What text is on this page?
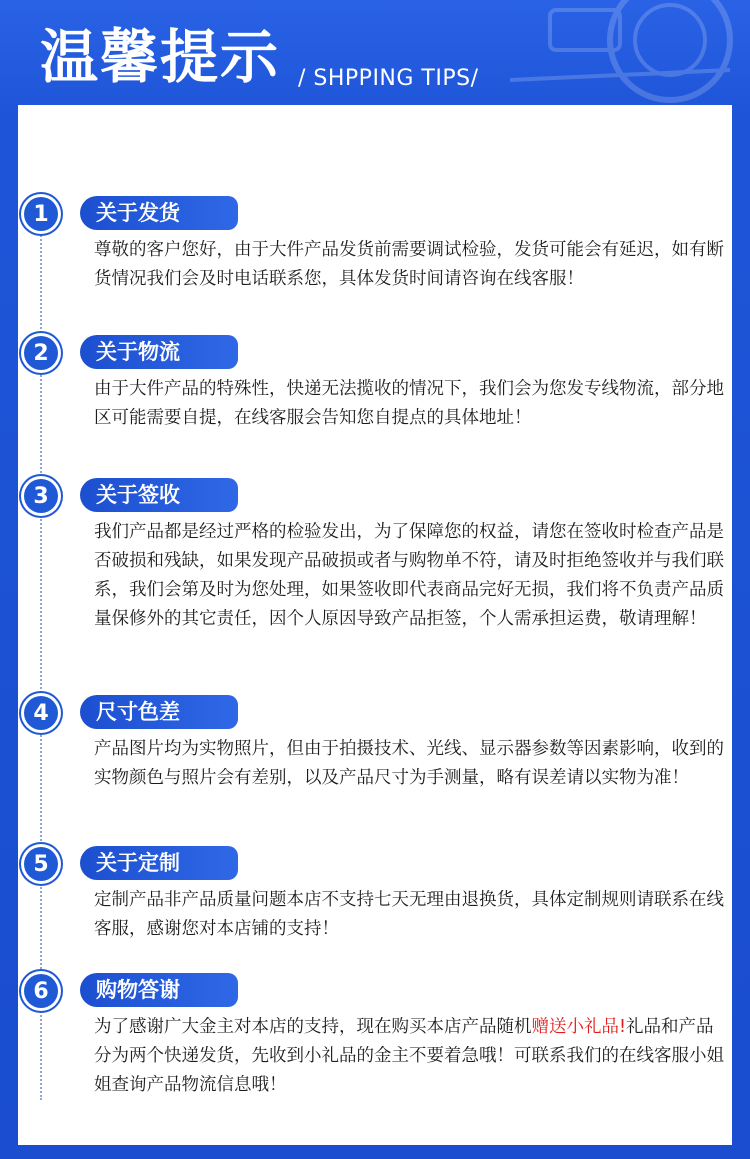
温馨提示 / SHPPING TIPS/
1	关于发货
尊敬的客户您好，由于大件产品发货前需要调试检验，发货可能会有延迟，如有断货情况我们会及时电话联系您，具体发货时间请咨询在线客服！
2	关于物流
由于大件产品的特殊性，快递无法揽收的情况下，我们会为您发专线物流，部分地区可能需要自提，在线客服会告知您自提点的具体地址！
3	关于签收
我们产品都是经过严格的检验发出，为了保障您的权益，请您在签收时检查产品是否破损和残缺，如果发现产品破损或者与购物单不符，请及时拒绝签收并与我们联系，我们会第及时为您处理，如果签收即代表商品完好无损，我们将不负责产品质量保修外的其它责任，因个人原因导致产品拒签，个人需承担运费，敬请理解！
4	尺寸色差
产品图片均为实物照片，但由于拍摄技术、光线、显示器参数等因素影响，收到的实物颜色与照片会有差别，以及产品尺寸为手测量，略有误差请以实物为准！
5	关于定制
定制产品非产品质量问题本店不支持七天无理由退换货，具体定制规则请联系在线客服，感谢您对本店铺的支持！
6	购物答谢
为了感谢广大金主对本店的支持，现在购买本店产品随机赠送小礼品!礼品和产品分为两个快递发货，先收到小礼品的金主不要着急哦！可联系我们的在线客服小姐姐查询产品物流信息哦！
